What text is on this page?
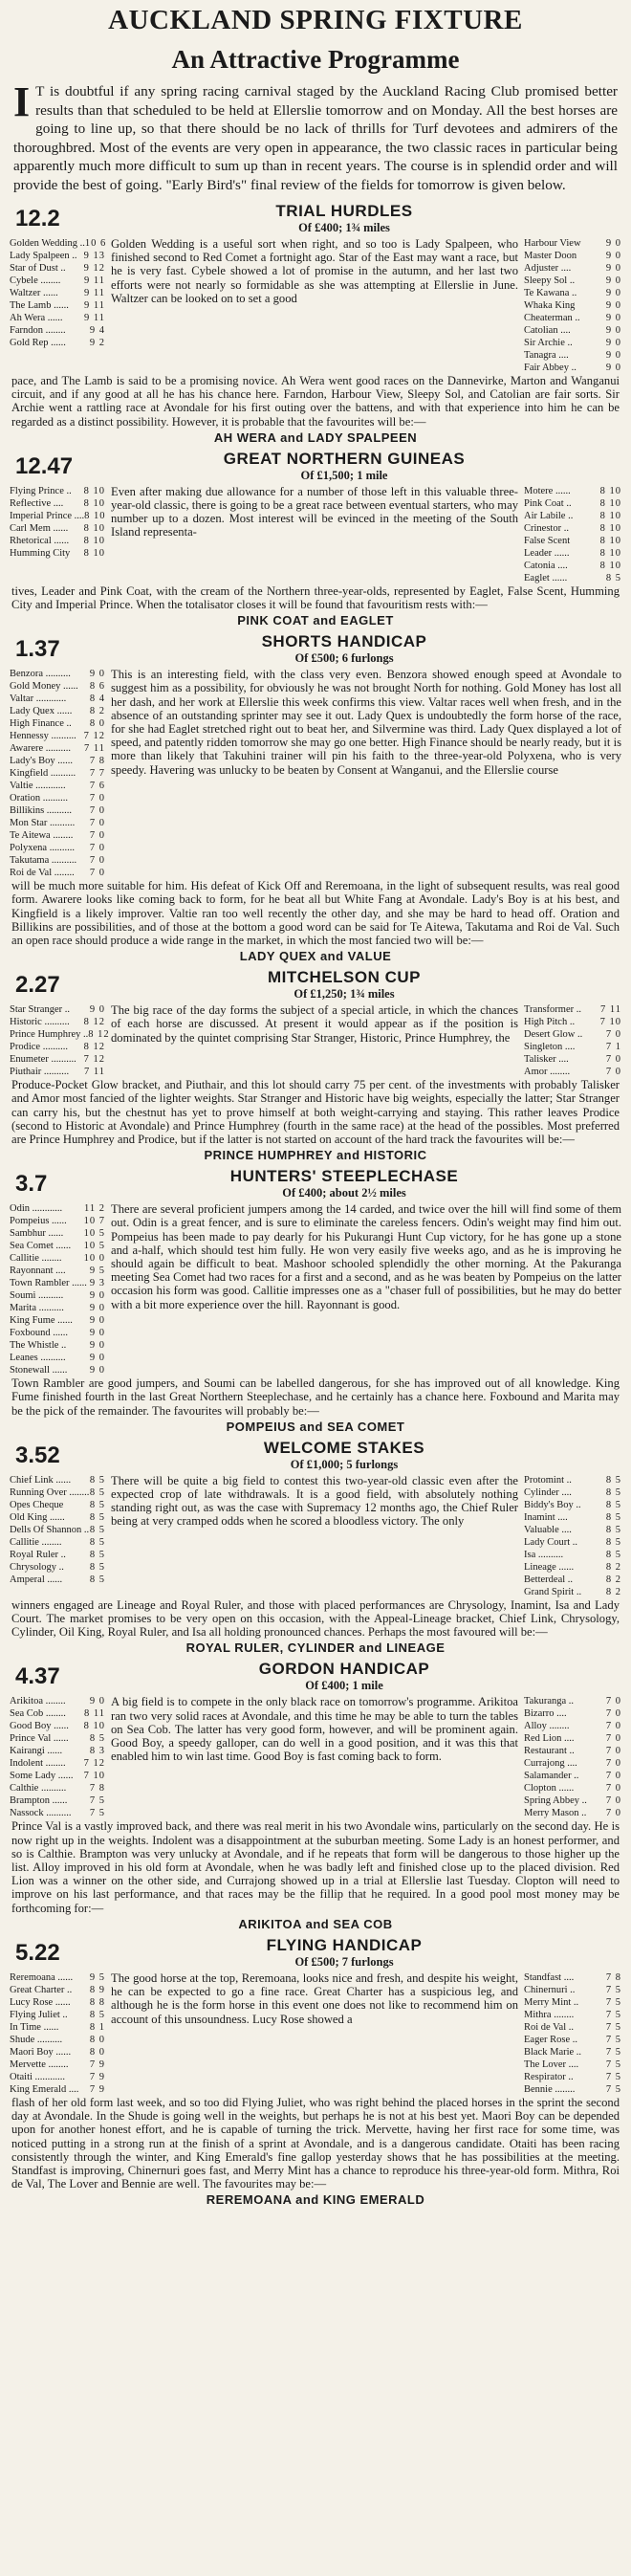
AUCKLAND SPRING FIXTURE
An Attractive Programme

I T is doubtful if any spring racing carnival staged by the Auckland Racing Club promised better results than that scheduled to be held at Ellerslie tomorrow and on Monday. All the best horses are going to line up, so that there should be no lack of thrills for Turf devotees and admirers of the thoroughbred. Most of the events are very open in appearance, the two classic races in particular being apparently much more difficult to sum up than in recent years. The course is in splendid order and will provide the best of going. "Early Bird's" final review of the fields for tomorrow is given below.

12.2	TRIAL HURDLES
Of £400; 1¾ miles
Golden Wedding .. 10 6
Lady Spalpeen .. 9 13
Star of Dust .. 9 12
Cybele ........ 9 11
Waltzer ......	9 11
The Lamb ...... 9 11
Ah Wera ...... 9 11
Farndon ........ 9 4
Gold Rep ...... 9 2
Golden Wedding is a useful sort when right, and so too is Lady Spalpeen, who finished second to Red Comet a fortnight ago. Star of the East may want a race, but he is very fast. Cybele showed a lot of promise in the autumn, and her last two efforts were not nearly so formidable as she was attempting at Ellerslie in June. Waltzer can be looked on to set a good
Harbour View	9 0
Master Doon	9 0
Adjuster ....	9 0
Sleepy Sol ..	9 0
Te Kawana ..	9 0
Whaka King	9 0
Cheaterman ..	9 0
Catolian ....	9 0
Sir Archie ..	9 0
Tanagra ....	9 0
Fair Abbey ..	9 0
pace, and The Lamb is said to be a promising novice. Ah Wera went good races on the Dannevirke, Marton and Wanganui circuit, and if any good at all he has his chance here. Farndon, Harbour View, Sleepy Sol, and Catolian are fair sorts. Sir Archie went a rattling race at Avondale for his first outing over the battens, and with that experience into him he can be regarded as a distinct possibility. However, it is probable that the favourites will be:—
AH WERA and LADY SPALPEEN
12.47	GREAT NORTHERN GUINEAS
Of £1,500; 1 mile
Flying Prince .. 8 10
Reflective .... 8 10
Imperial Prince .... 8 10
Carl Mem ...... 8 10
Rhetorical ...... 8 10
Humming City 8 10
Even after making due allowance for a number of those left in this valuable three-year-old classic, there is going to be a great race between eventual starters, who may number up to a dozen. Most interest will be evinced in the meeting of the South Island representa-
Motere ......	8 10
Pink Coat ..	8 10
Air Labile ..	8 10
Crinestor ..	8 10
False Scent	8 10
Leader ......	8 10
Catonia ....	8 10
Eaglet ......	8 5
tives, Leader and Pink Coat, with the cream of the Northern three-year-olds, represented by Eaglet, False Scent, Humming City and Imperial Prince. When the totalisator closes it will be found that favouritism rests with:—
PINK COAT and EAGLET
1.37	SHORTS HANDICAP
Of £500; 6 furlongs
Benzora .......... 9 0
Gold Money ...... 8 6
Valtar ............ 8 4
Lady Quex ...... 8 2
High Finance .. 8 0
Hennessy .......... 7 12
Awarere .......... 7 11
Lady's Boy ...... 7 8
Kingfield .......... 7 7
Valtie ............ 7 6
Oration .......... 7 0
Billikins .......... 7 0
Mon Star .......... 7 0
Te Aitewa ........ 7 0
Polyxena .......... 7 0
Takutama .......... 7 0
Roi de Val ........ 7 0
This is an interesting field, with the class very even. Benzora showed enough speed at Avondale to suggest him as a possibility, for obviously he was not brought North for nothing. Gold Money has lost all her dash, and her work at Ellerslie this week confirms this view. Valtar races well when fresh, and in the absence of an outstanding sprinter may see it out. Lady Quex is undoubtedly the form horse of the race, for she had Eaglet stretched right out to beat her, and Silvermine was third. Lady Quex displayed a lot of speed, and patently ridden tomorrow she may go one better. High Finance should be nearly ready, but it is more than likely that Takuhini trainer will pin his faith to the three-year-old Polyxena, who is very speedy. Havering was unlucky to be beaten by Consent at Wanganui, and the Ellerslie course
will be much more suitable for him. His defeat of Kick Off and Reremoana, in the light of subsequent results, was real good form. Awarere looks like coming back to form, for he beat all but White Fang at Avondale. Lady's Boy is at his best, and Kingfield is a likely improver. Valtie ran too well recently the other day, and she may be hard to head off. Oration and Billikins are possibilities, and of those at the bottom a good word can be said for Te Aitewa, Takutama and Roi de Val. Such an open race should produce a wide range in the market, in which the most fancied two will be:—
LADY QUEX and VALUE
2.27	MITCHELSON CUP
Of £1,250; 1¾ miles
Star Stranger .. 9 0
Historic .......... 8 12
Prince Humphrey .. 8 12
Prodice .......... 8 12
Enumeter .......... 7 12
Piuthair .......... 7 11
The big race of the day forms the subject of a special article, in which the chances of each horse are discussed. At present it would appear as if the position is dominated by the quintet comprising Star Stranger, Historic, Prince Humphrey, the
Transformer .. 7 11
High Pitch ..	7 10
Desert Glow .. 7 0
Singleton ....	7 1
Talisker ....	7 0
Amor ........	7 0
Produce-Pocket Glow bracket, and Piuthair, and this lot should carry 75 per cent. of the investments with probably Talisker and Amor most fancied of the lighter weights. Star Stranger and Historic have big weights, especially the latter; Star Stranger can carry his, but the chestnut has yet to prove himself at both weight-carrying and staying. This rather leaves Prodice (second to Historic at Avondale) and Prince Humphrey (fourth in the same race) at the head of the possibles. Most preferred are Prince Humphrey and Prodice, but if the latter is not started on account of the hard track the favourites will be:—
PRINCE HUMPHREY and HISTORIC
3.7	HUNTERS' STEEPLECHASE
Of £400; about 2½ miles
Odin ............ 11 2
Pompeius ...... 10 7
Sambhur ...... 10 5
Sea Comet ...... 10 5
Callitie ........ 10 0
Rayonnant .... 9 5
Town Rambler ...... 9 3
Soumi ..........	9 0
Marita ..........	9 0
King Fume ...... 9 0
Foxbound ...... 9 0
The Whistle .. 9 0
Leanes .......... 9 0
Stonewall ...... 9 0
There are several proficient jumpers among the 14 carded, and twice over the hill will find some of them out. Odin is a great fencer, and is sure to eliminate the careless fencers. Odin's weight may find him out. Pompeius has been made to pay dearly for his Pukurangi Hunt Cup victory, for he has gone up a stone and a-half, which should test him fully. He won very easily five weeks ago, and as he is improving he should again be difficult to beat. Mashoor schooled splendidly the other morning. At the Pakuranga meeting Sea Comet had two races for a first and a second, and as he was beaten by Pompeius on the latter occasion his form was good. Callitie impresses one as a "chaser full of possibilities, but he may do better with a bit more experience over the hill. Rayonnant is good.
Town Rambler are good jumpers, and Soumi can be labelled dangerous, for she has improved out of all knowledge. King Fume finished fourth in the last Great Northern Steeplechase, and he certainly has a chance here. Foxbound and Marita may be the pick of the remainder. The favourites will probably be:—
POMPEIUS and SEA COMET
3.52	WELCOME STAKES
Of £1,000; 5 furlongs
Chief Link ...... 8 5
Running Over ........ 8 5
Opes Cheque	8 5
Old King ...... 8 5
Dells Of Shannon .. 8 5
Callitie ........	8 5
Royal Ruler .. 8 5
Chrysology ..	8 5
Amperal ......	8 5
There will be quite a big field to contest this two-year-old classic even after the expected crop of late withdrawals. It is a good field, with absolutely nothing standing right out, as was the case with Supremacy 12 months ago, the Chief Ruler being at very cramped odds when he scored a bloodless victory. The only
Protomint ..	8 5
Cylinder ....	8 5
Biddy's Boy .. 8 5
Inamint ....	8 5
Valuable ....	8 5
Lady Court ..	8 5
Isa ..........	8 5
Lineage ......	8 2
Betterdeal ..	8 2
Grand Spirit .. 8 2
winners engaged are Lineage and Royal Ruler, and those with placed performances are Chrysology, Inamint, Isa and Lady Court. The market promises to be very open on this occasion, with the Appeal-Lineage bracket, Chief Link, Chrysology, Cylinder, Oil King, Royal Ruler, and Isa all holding pronounced chances. Perhaps the most favoured will be:—
ROYAL RULER, CYLINDER and LINEAGE
4.37	GORDON HANDICAP
Of £400; 1 mile
Arikitoa ........ 9 0
Sea Cob ........ 8 11
Good Boy ...... 8 10
Prince Val ...... 8 5
Kairangi ......	8 3
Indolent ........ 7 12
Some Lady ...... 7 10
Calthie .......... 7 8
Brampton ...... 7 5
Nassock .......... 7 5
A big field is to compete in the only black race on tomorrow's programme. Arikitoa ran two very solid races at Avondale, and this time he may be able to turn the tables on Sea Cob. The latter has very good form, however, and will be prominent again. Good Boy, a speedy galloper, can do well in a good position, and it was this that enabled him to win last time. Good Boy is fast coming back to form.
Takuranga ..	7 0
Bizarro ....	7 0
Alloy ........	7 0
Red Lion ....	7 0
Restaurant ..	7 0
Currajong ....	7 0
Salamander ..	7 0
Clopton ......	7 0
Spring Abbey .. 7 0
Merry Mason .. 7 0
Prince Val is a vastly improved back, and there was real merit in his two Avondale wins, particularly on the second day. He is now right up in the weights. Indolent was a disappointment at the suburban meeting. Some Lady is an honest performer, and so is Calthie. Brampton was very unlucky at Avondale, and if he repeats that form will be dangerous to those higher up the list. Alloy improved in his old form at Avondale, when he was badly left and finished close up to the placed division. Red Lion was a winner on the other side, and Currajong showed up in a trial at Ellerslie last Tuesday. Clopton will need to improve on his last performance, and that races may be the fillip that he required. In a good pool most money may be forthcoming for:—
ARIKITOA and SEA COB
5.22	FLYING HANDICAP
Of £500; 7 furlongs
Reremoana ...... 9 5
Great Charter .. 8 9
Lucy Rose ...... 8 8
Flying Juliet .. 8 5
In Time ......	8 1
Shude ..........	8 0
Maori Boy ...... 8 0
Mervette ........ 7 9
Otaiti ............ 7 9
King Emerald .... 7 9
The good horse at the top, Reremoana, looks nice and fresh, and despite his weight, he can be expected to go a fine race. Great Charter has a suspicious leg, and although he is the form horse in this event one does not like to recommend him on account of this unsoundness. Lucy Rose showed a
Standfast ....	7 8
Chinernuri ..	7 5
Merry Mint ..	7 5
Mithra ........	7 5
Roi de Val ..	7 5
Eager Rose ..	7 5
Black Marie .. 7 5
The Lover ....	7 5
Respirator ..	7 5
Bennie ........	7 5
flash of her old form last week, and so too did Flying Juliet, who was right behind the placed horses in the sprint the second day at Avondale. In the Shude is going well in the weights, but perhaps he is not at his best yet. Maori Boy can be depended upon for another honest effort, and he is capable of turning the trick. Mervette, having her first race for some time, was noticed putting in a strong run at the finish of a sprint at Avondale, and is a dangerous candidate. Otaiti has been racing consistently through the winter, and King Emerald's fine gallop yesterday shows that he has possibilities at the meeting. Standfast is improving, Chinernuri goes fast, and Merry Mint has a chance to reproduce his three-year-old form. Mithra, Roi de Val, The Lover and Bennie are well. The favourites may be:—
REREMOANA and KING EMERALD
